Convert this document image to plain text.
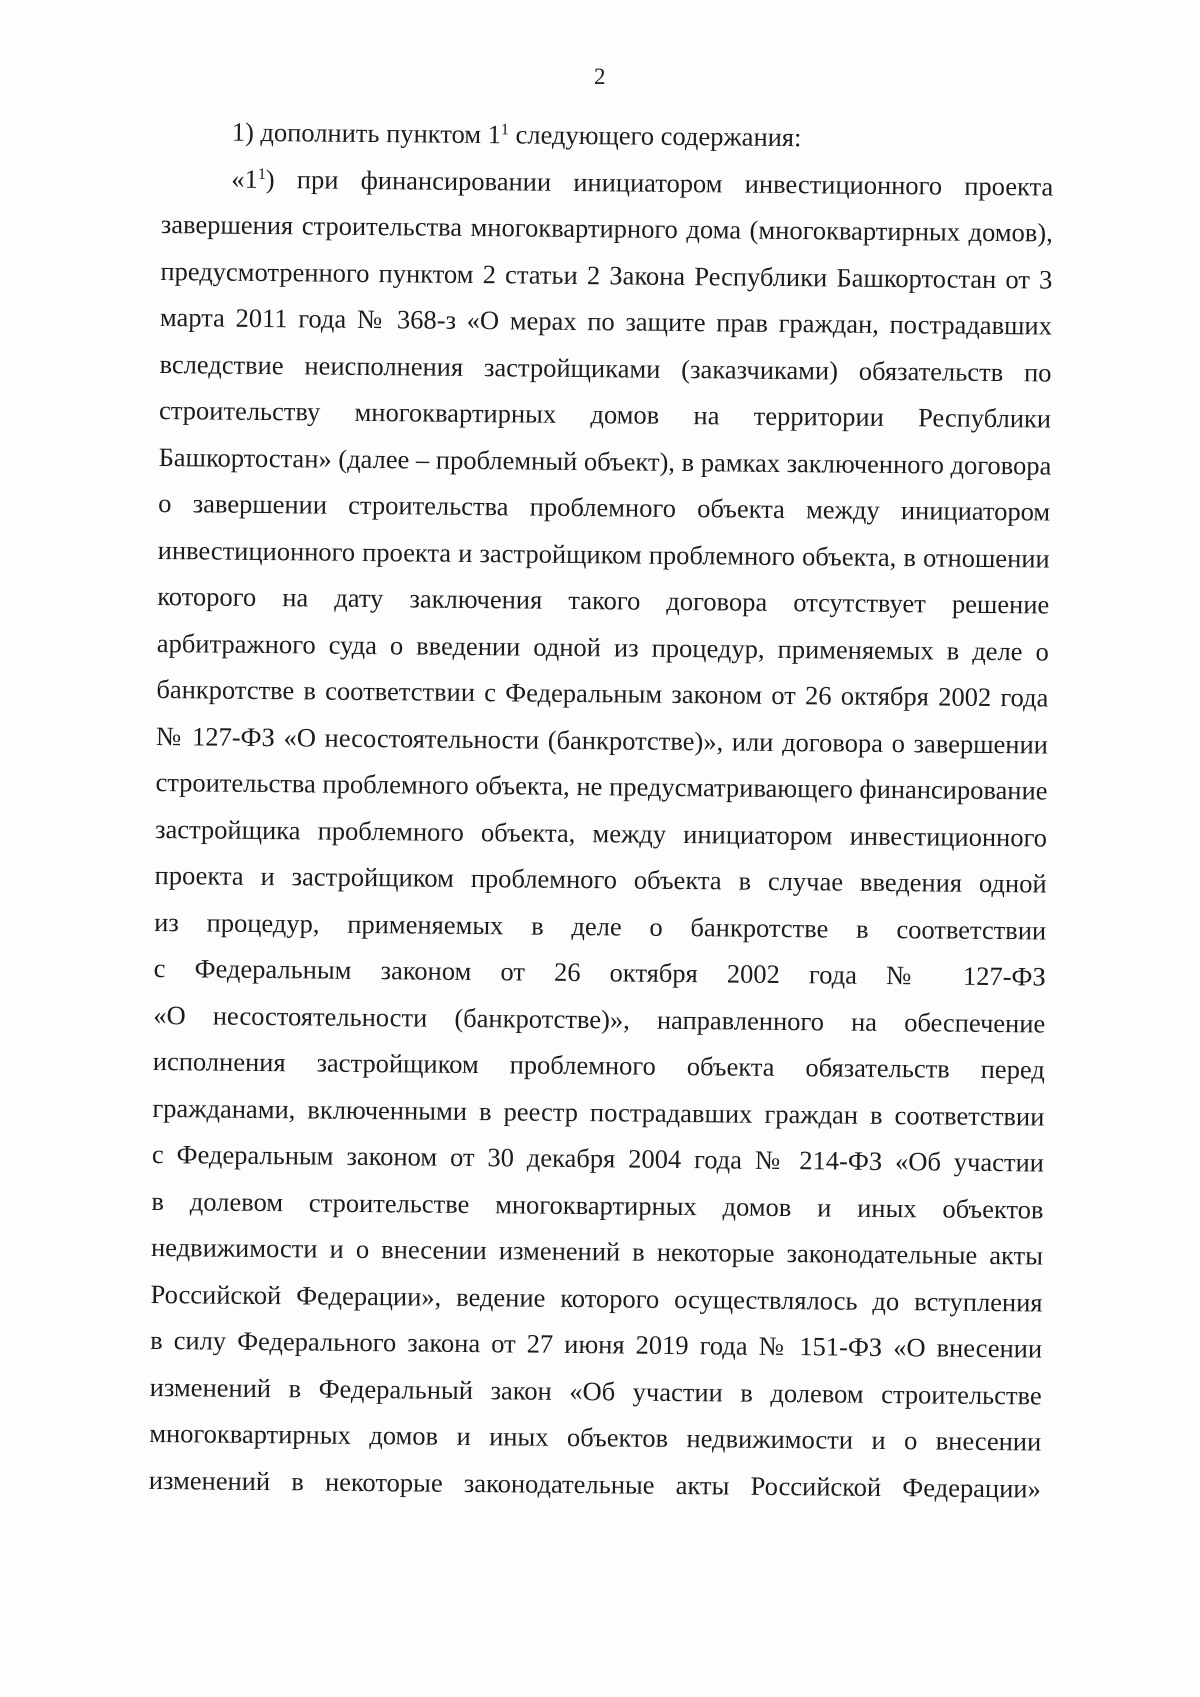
2
1) дополнить пунктом $1^1$ следующего содержания:
«$1^1$) при финансировании инициатором инвестиционного проекта
завершения строительства многоквартирного дома (многоквартирных домов),
предусмотренного пунктом 2 статьи 2 Закона Республики Башкортостан от 3
марта 2011 года № 368-з «О мерах по защите прав граждан, пострадавших
вследствие неисполнения застройщиками (заказчиками) обязательств по
строительству многоквартирных домов на территории Республики
Башкортостан» (далее – проблемный объект), в рамках заключенного договора
о завершении строительства проблемного объекта между инициатором
инвестиционного проекта и застройщиком проблемного объекта, в отношении
которого на дату заключения такого договора отсутствует решение
арбитражного суда о введении одной из процедур, применяемых в деле о
банкротстве в соответствии с Федеральным законом от 26 октября 2002 года
№ 127-ФЗ «О несостоятельности (банкротстве)», или договора о завершении
строительства проблемного объекта, не предусматривающего финансирование
застройщика проблемного объекта, между инициатором инвестиционного
проекта и застройщиком проблемного объекта в случае введения одной
из процедур, применяемых в деле о банкротстве в соответствии
с Федеральным законом от 26 октября 2002 года № 127-ФЗ
«О несостоятельности (банкротстве)», направленного на обеспечение
исполнения застройщиком проблемного объекта обязательств перед
гражданами, включенными в реестр пострадавших граждан в соответствии
с Федеральным законом от 30 декабря 2004 года № 214-ФЗ «Об участии
в долевом строительстве многоквартирных домов и иных объектов
недвижимости и о внесении изменений в некоторые законодательные акты
Российской Федерации», ведение которого осуществлялось до вступления
в силу Федерального закона от 27 июня 2019 года № 151-ФЗ «О внесении
изменений в Федеральный закон «Об участии в долевом строительстве
многоквартирных домов и иных объектов недвижимости и о внесении
изменений в некоторые законодательные акты Российской Федерации»
